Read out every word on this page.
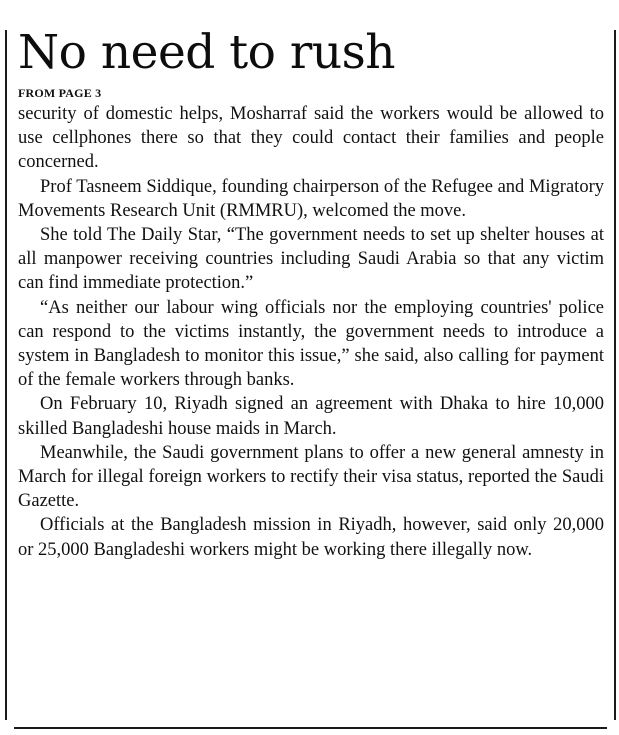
No need to rush
FROM PAGE 3

security of domestic helps, Mosharraf said the workers would be allowed to use cellphones there so that they could contact their families and people concerned.

Prof Tasneem Siddique, founding chairperson of the Refugee and Migratory Movements Research Unit (RMMRU), welcomed the move.

She told The Daily Star, “The government needs to set up shelter houses at all manpower receiving countries including Saudi Arabia so that any victim can find immediate protection.”

“As neither our labour wing officials nor the employing countries' police can respond to the victims instantly, the government needs to introduce a system in Bangladesh to monitor this issue,” she said, also calling for payment of the female workers through banks.

On February 10, Riyadh signed an agreement with Dhaka to hire 10,000 skilled Bangladeshi house maids in March.

Meanwhile, the Saudi government plans to offer a new general amnesty in March for illegal foreign workers to rectify their visa status, reported the Saudi Gazette.

Officials at the Bangladesh mission in Riyadh, however, said only 20,000 or 25,000 Bangladeshi workers might be working there illegally now.
